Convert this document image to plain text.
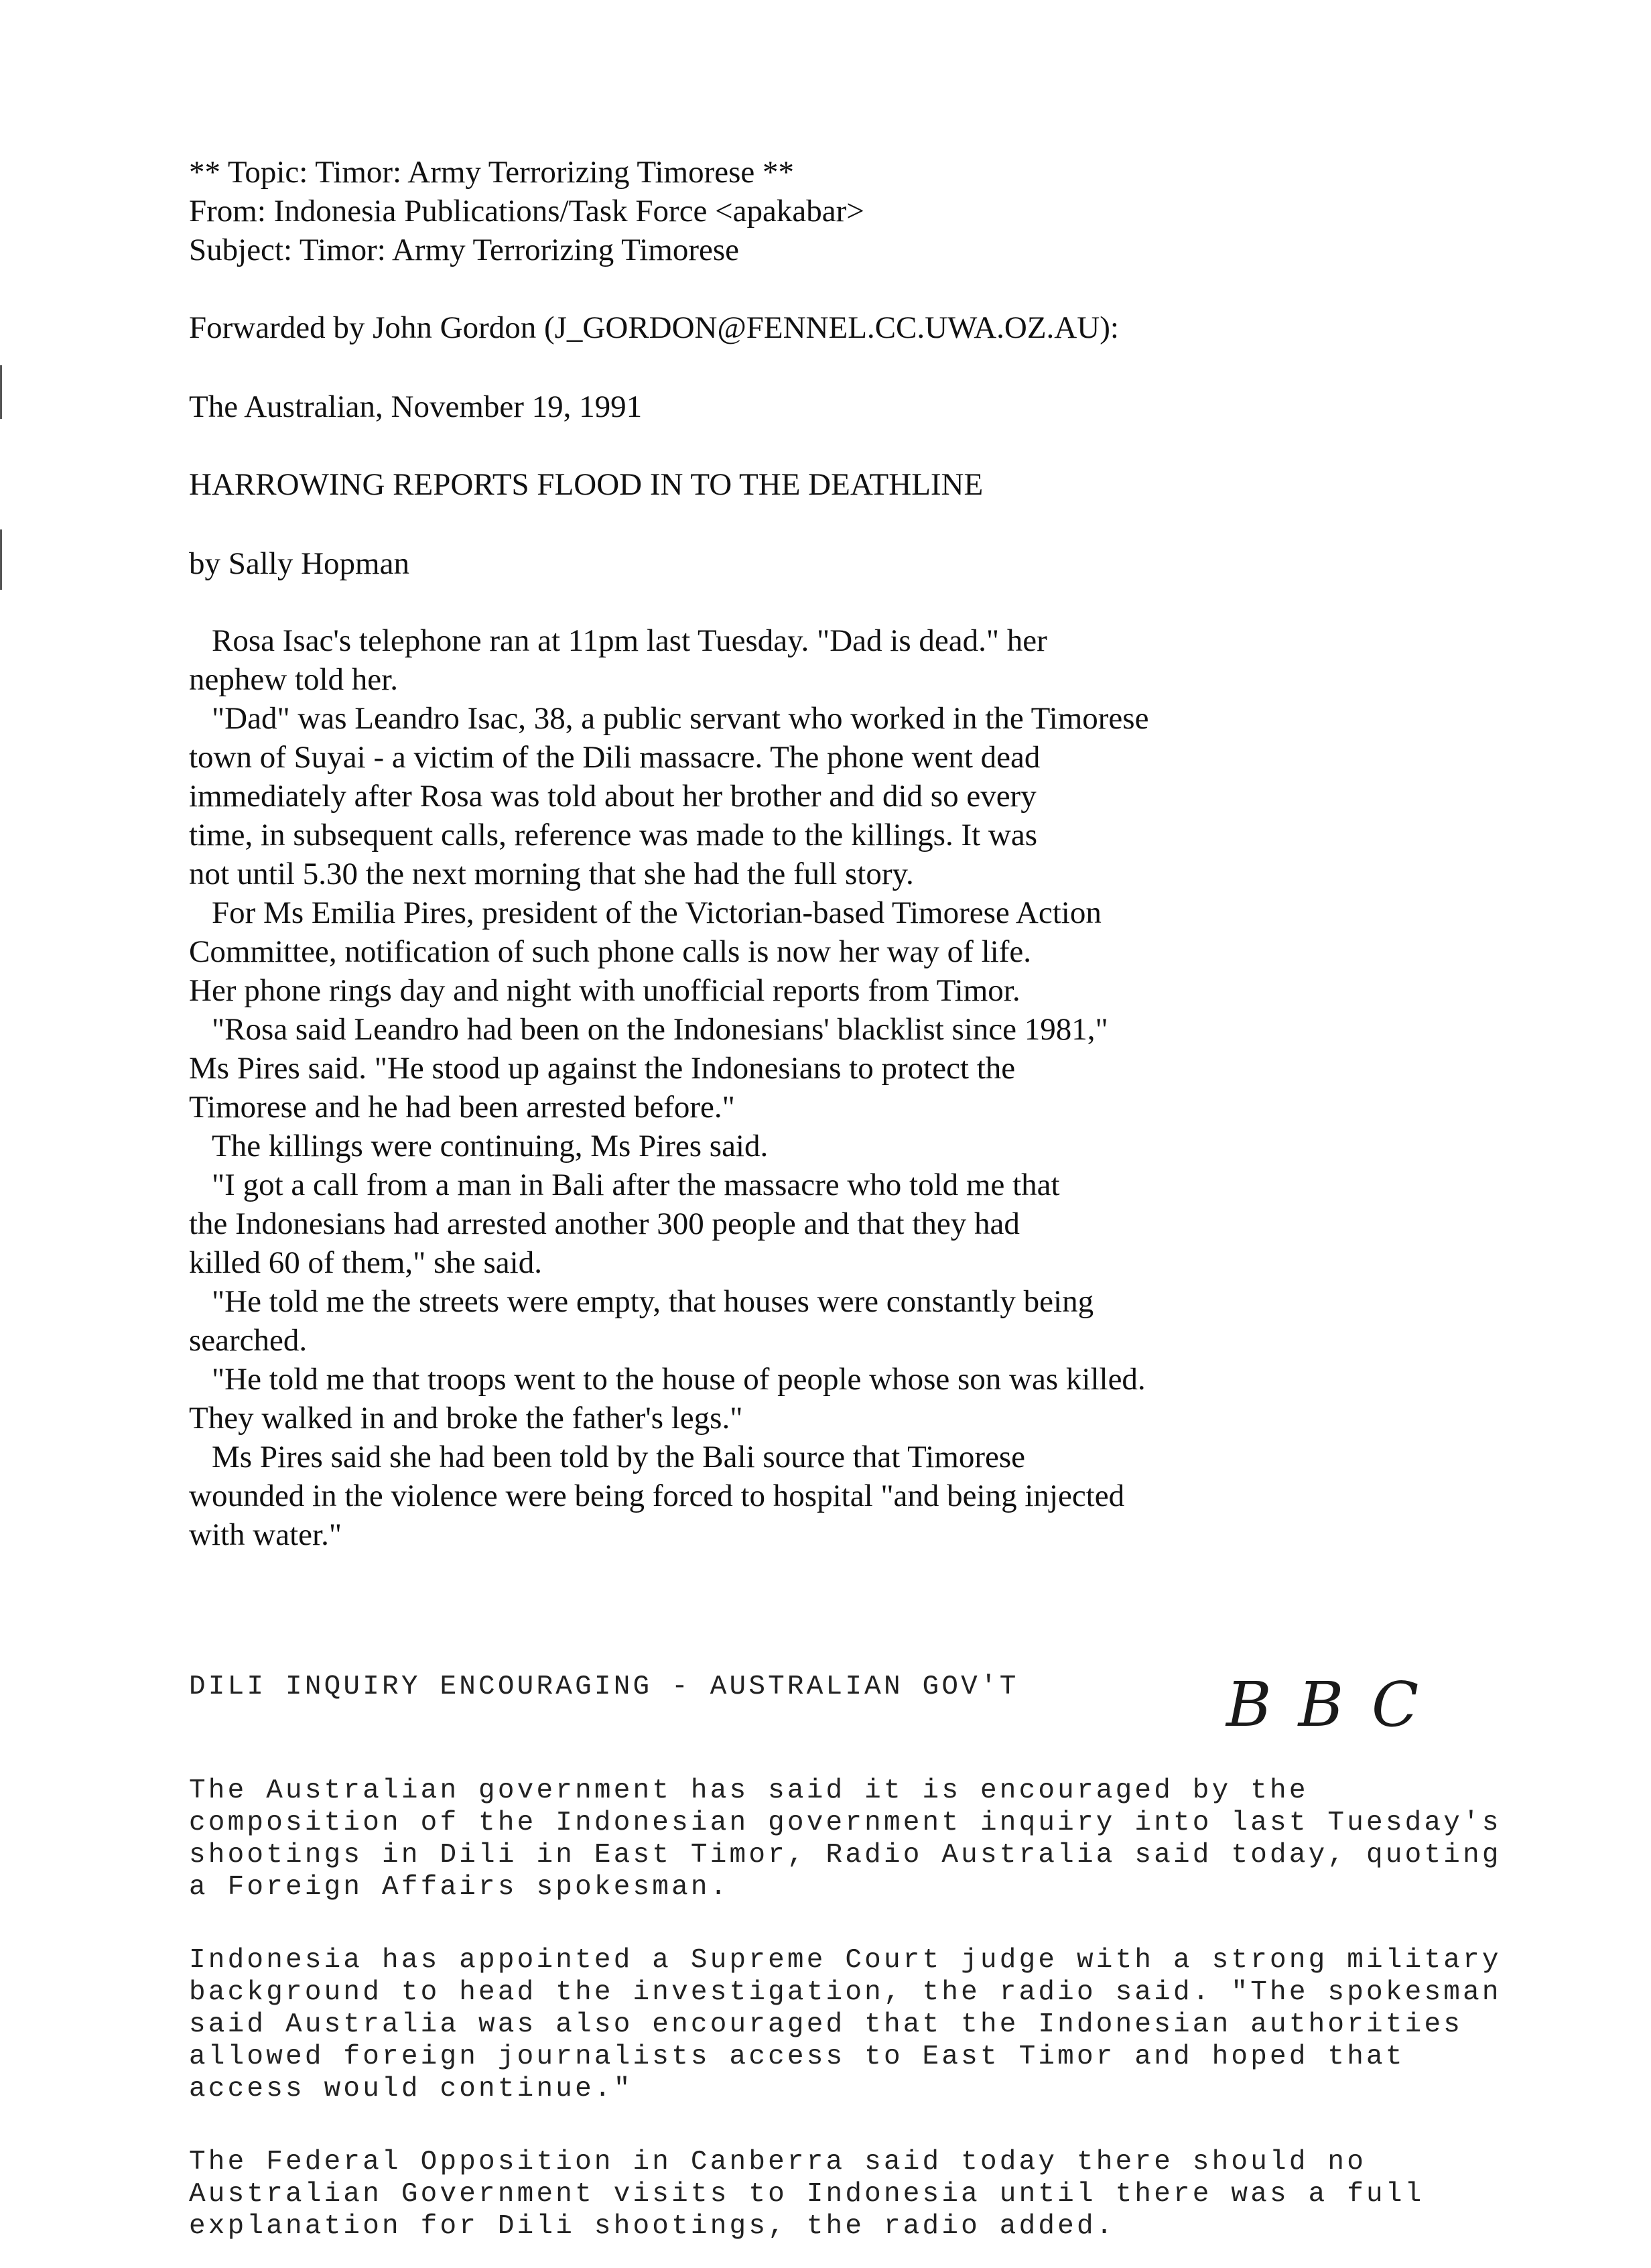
** Topic: Timor: Army Terrorizing Timorese **
From: Indonesia Publications/Task Force <apakabar>
Subject: Timor: Army Terrorizing Timorese
Forwarded by John Gordon (J_GORDON@FENNEL.CC.UWA.OZ.AU):
The Australian, November 19, 1991
HARROWING REPORTS FLOOD IN TO THE DEATHLINE
by Sally Hopman
Rosa Isac's telephone ran at 11pm last Tuesday. "Dad is dead." her
nephew told her.
"Dad" was Leandro Isac, 38, a public servant who worked in the Timorese
town of Suyai - a victim of the Dili massacre. The phone went dead
immediately after Rosa was told about her brother and did so every
time, in subsequent calls, reference was made to the killings. It was
not until 5.30 the next morning that she had the full story.
For Ms Emilia Pires, president of the Victorian-based Timorese Action
Committee, notification of such phone calls is now her way of life.
Her phone rings day and night with unofficial reports from Timor.
"Rosa said Leandro had been on the Indonesians' blacklist since 1981,"
Ms Pires said. "He stood up against the Indonesians to protect the
Timorese and he had been arrested before."
The killings were continuing, Ms Pires said.
"I got a call from a man in Bali after the massacre who told me that
the Indonesians had arrested another 300 people and that they had
killed 60 of them," she said.
"He told me the streets were empty, that houses were constantly being
searched.
"He told me that troops went to the house of people whose son was killed.
They walked in and broke the father's legs."
Ms Pires said she had been told by the Bali source that Timorese
wounded in the violence were being forced to hospital "and being injected
with water."
DILI INQUIRY ENCOURAGING - AUSTRALIAN GOV'T	BBC
The Australian government has said it is encouraged by the
composition of the Indonesian government inquiry into last Tuesday's
shootings in Dili in East Timor, Radio Australia said today, quoting
a Foreign Affairs spokesman.
Indonesia has appointed a Supreme Court judge with a strong military
background to head the investigation, the radio said. "The spokesman
said Australia was also encouraged that the Indonesian authorities
allowed foreign journalists access to East Timor and hoped that
access would continue."
The Federal Opposition in Canberra said today there should no
Australian Government visits to Indonesia until there was a full
explanation for Dili shootings, the radio added.
